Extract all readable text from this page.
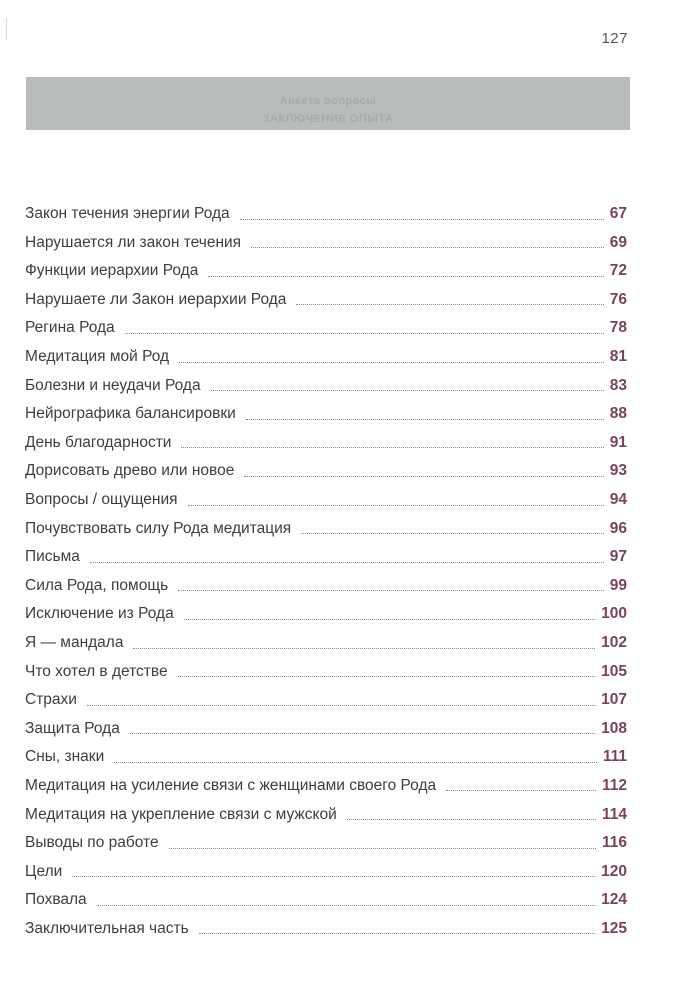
127
Анкета вопросы
ЗАКЛЮЧЕНИЕ ОПЫТА
Закон течения энергии Рода	67
Нарушается ли закон течения	69
Функции иерархии Рода	72
Нарушаете ли Закон иерархии Рода	76
Регина Рода	78
Медитация мой Род	81
Болезни и неудачи Рода	83
Нейрографика балансировки	88
День благодарности	91
Дорисовать древо или новое	93
Вопросы / ощущения	94
Почувствовать силу Рода медитация	96
Письма	97
Сила Рода, помощь	99
Исключение из Рода	100
Я — мандала	102
Что хотел в детстве	105
Страхи	107
Защита Рода	108
Сны, знаки	111
Медитация на усиление связи с женщинами своего Рода	112
Медитация на укрепление связи с мужской	114
Выводы по работе	116
Цели	120
Похвала	124
Заключительная часть	125
